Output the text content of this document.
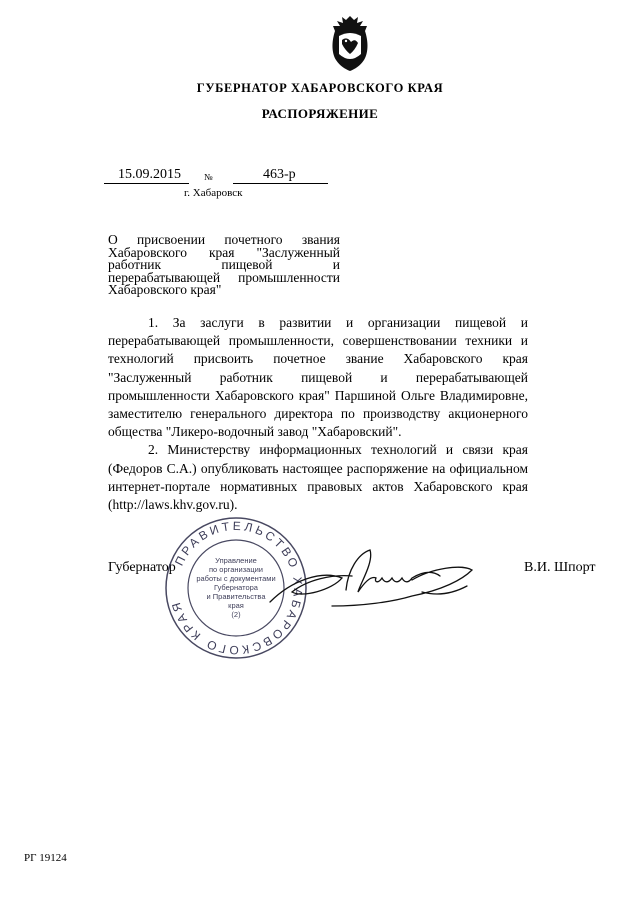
ГУБЕРНАТОР ХАБАРОВСКОГО КРАЯ
РАСПОРЯЖЕНИЕ
15.09.2015	№	463-р
г. Хабаровск
О присвоении почетного звания Хабаровского края "Заслуженный работник пищевой и перерабатывающей промышленности Хабаровского края"

1. За заслуги в развитии и организации пищевой и перерабатывающей промышленности, совершенствовании техники и технологий присвоить почетное звание Хабаровского края "Заслуженный работник пищевой и перерабатывающей промышленности Хабаровского края" Паршиной Ольге Владимировне, заместителю генерального директора по производству акционерного общества "Ликеро-водочный завод "Хабаровский".

2. Министерству информационных технологий и связи края (Федоров С.А.) опубликовать настоящее распоряжение на официальном интернет-портале нормативных правовых актов Хабаровского края (http://laws.khv.gov.ru).

Губернатор	В.И. Шпорт
ПРАВИТЕЛЬСТВО ХАБАРОВСКОГО КРАЯ
Управление
по организации
работы с документами
Губернатора
и Правительства
края
(2)
РГ 19124
